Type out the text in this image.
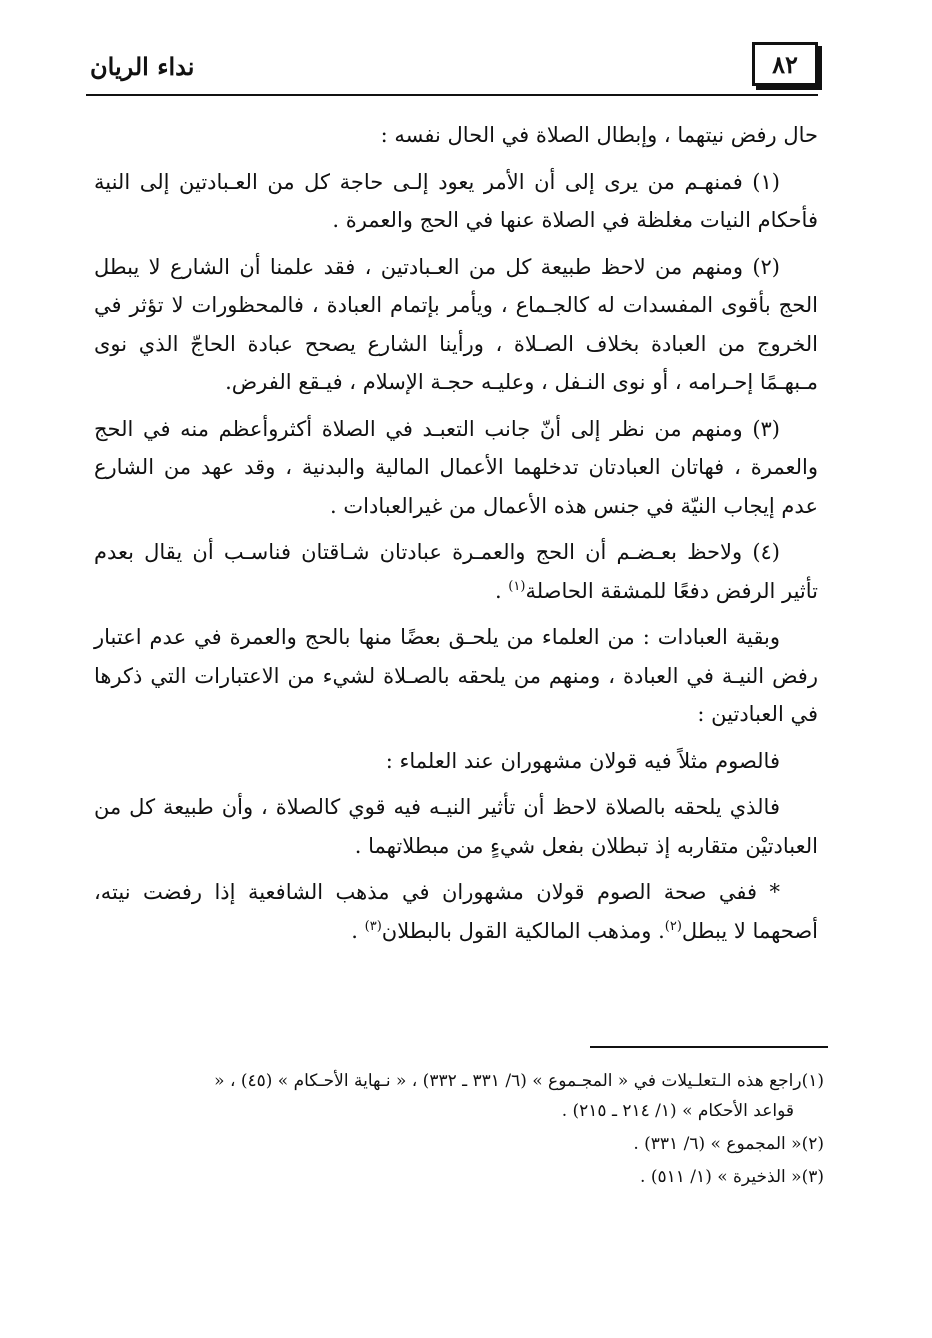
٨٢
نداء الريان

حال رفض نيتهما ، وإبطال الصلاة في الحال نفسه :

(١) فمنهـم من يرى إلى أن الأمر يعود إلـى حاجة كل من العـبادتين إلى النية فأحكام النيات مغلظة في الصلاة عنها في الحج والعمرة .

(٢) ومنهم من لاحظ طبيعة كل من العـبادتين ، فقد علمنا أن الشارع لا يبطل الحج بأقوى المفسدات له كالجـماع ، ويأمر بإتمام العبادة ، فالمحظورات لا تؤثر في الخروج من العبادة بخلاف الصـلاة ، ورأينا الشارع يصحح عبادة الحاجّ الذي نوى مـبهـمًا إحـرامه ، أو نوى النـفل ، وعليـه حجـة الإسلام ، فيـقع الفرض.

(٣) ومنهم من نظر إلى أنّ جانب التعبـد في الصلاة أكثروأعظم منه في الحج والعمرة ، فهاتان العبادتان تدخلهما الأعمال المالية والبدنية ، وقد عهد من الشارع عدم إيجاب النيّة في جنس هذه الأعمال من غيرالعبادات .

(٤) ولاحظ بعـضـم أن الحج والعمـرة عبادتان شـاقتان فناسـب أن يقال بعدم تأثير الرفض دفعًا للمشقة الحاصلة$^{(١)}$ .

وبقية العبادات : من العلماء من يلحـق بعضًا منها بالحج والعمرة في عدم اعتبار رفض النيـة في العبادة ، ومنهم من يلحقه بالصـلاة لشيء من الاعتبارات التي ذكرها في العبادتين :

فالصوم مثلاً فيه قولان مشهوران عند العلماء :

فالذي يلحقه بالصلاة لاحظ أن تأثير النيـه فيه قوي كالصلاة ، وأن طبيعة كل من العبادتيْن متقاربه إذ تبطلان بفعل شيءٍ من مبطلاتهما .

* ففي صحة الصوم قولان مشهوران في مذهب الشافعية إذا رفضت نيته، أصحهما لا يبطل$^{(٢)}$. ومذهب المالكية القول بالبطلان$^{(٣)}$ .

(١)راجع هذه الـتعلـيلات في « المجـموع » (٦/ ٣٣١ ـ ٣٣٢) ، « نـهاية الأحـكام » (٤٥) ، «
قواعد الأحكام » (١/ ٢١٤ ـ ٢١٥) .

(٢)« المجموع » (٦/ ٣٣١) .

(٣)« الذخيرة » (١/ ٥١١) .
